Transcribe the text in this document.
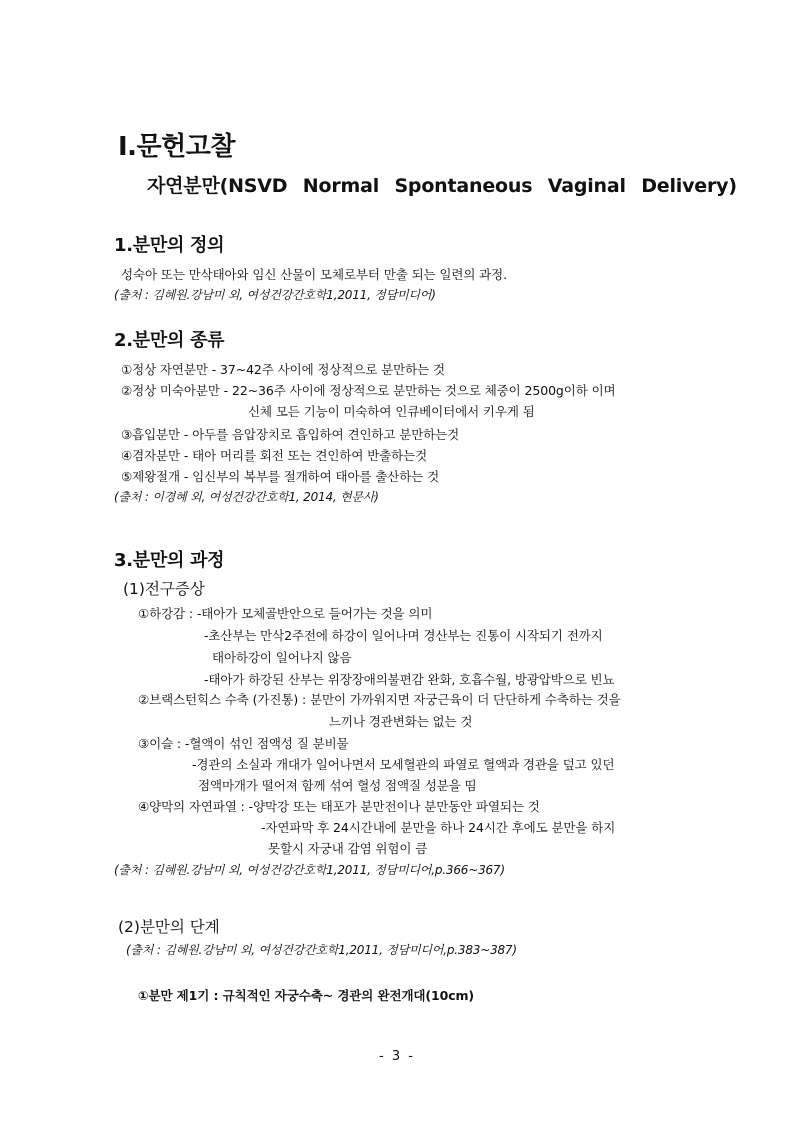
Ⅰ.문헌고찰
자연분만(NSVD Normal Spontaneous Vaginal Delivery)
1.분만의 정의
성숙아 또는 만삭태아와 임신 산물이 모체로부터 만출 되는 일련의 과정.
(출처 : 김혜원.강남미 외, 여성건강간호학1,2011, 정담미디어)
2.분만의 종류
①정상 자연분만 - 37~42주 사이에 정상적으로 분만하는 것
②정상 미숙아분만 - 22~36주 사이에 정상적으로 분만하는 것으로 체중이 2500g이하 이며
신체 모든 기능이 미숙하여 인큐베이터에서 키우게 됨
③흡입분만 - 아두를 음압장치로 흡입하여 견인하고 분만하는것
④겸자분만 - 태아 머리를 회전 또는 견인하여 반출하는것
⑤제왕절개 - 임신부의 복부를 절개하여 태아를 출산하는 것
(출처 : 이경혜 외, 여성건강간호학1, 2014, 현문사)
3.분만의 과정
(1)전구증상
①하강감 : -태아가 모체골반안으로 들어가는 것을 의미
-초산부는 만삭2주전에 하강이 일어나며 경산부는 진통이 시작되기 전까지
태아하강이 일어나지 않음
-태아가 하강된 산부는 위장장애의불편감 완화, 호흡수월, 방광압박으로 빈뇨
②브랙스턴힉스 수축 (가진통) : 분만이 가까워지면 자궁근육이 더 단단하게 수축하는 것을
느끼나 경관변화는 없는 것
③이슬 : -혈액이 섞인 점액성 질 분비물
-경관의 소실과 개대가 일어나면서 모세혈관의 파열로 혈액과 경관을 덮고 있던
점액마개가 떨어져 함께 섞여 혈성 점액질 성분을 띰
④양막의 자연파열 : -양막강 또는 태포가 분만전이나 분만동안 파열되는 것
-자연파막 후 24시간내에 분만을 하나 24시간 후에도 분만을 하지
못할시 자궁내 감염 위험이 큼
(출처 : 김혜원.강남미 외, 여성건강간호학1,2011, 정담미디어,p.366~367)
(2)분만의 단계
(출처 : 김혜원.강남미 외, 여성건강간호학1,2011, 정담미디어,p.383~387)
①분만 제1기 : 규칙적인 자궁수축~ 경관의 완전개대(10cm)
- 3 -
